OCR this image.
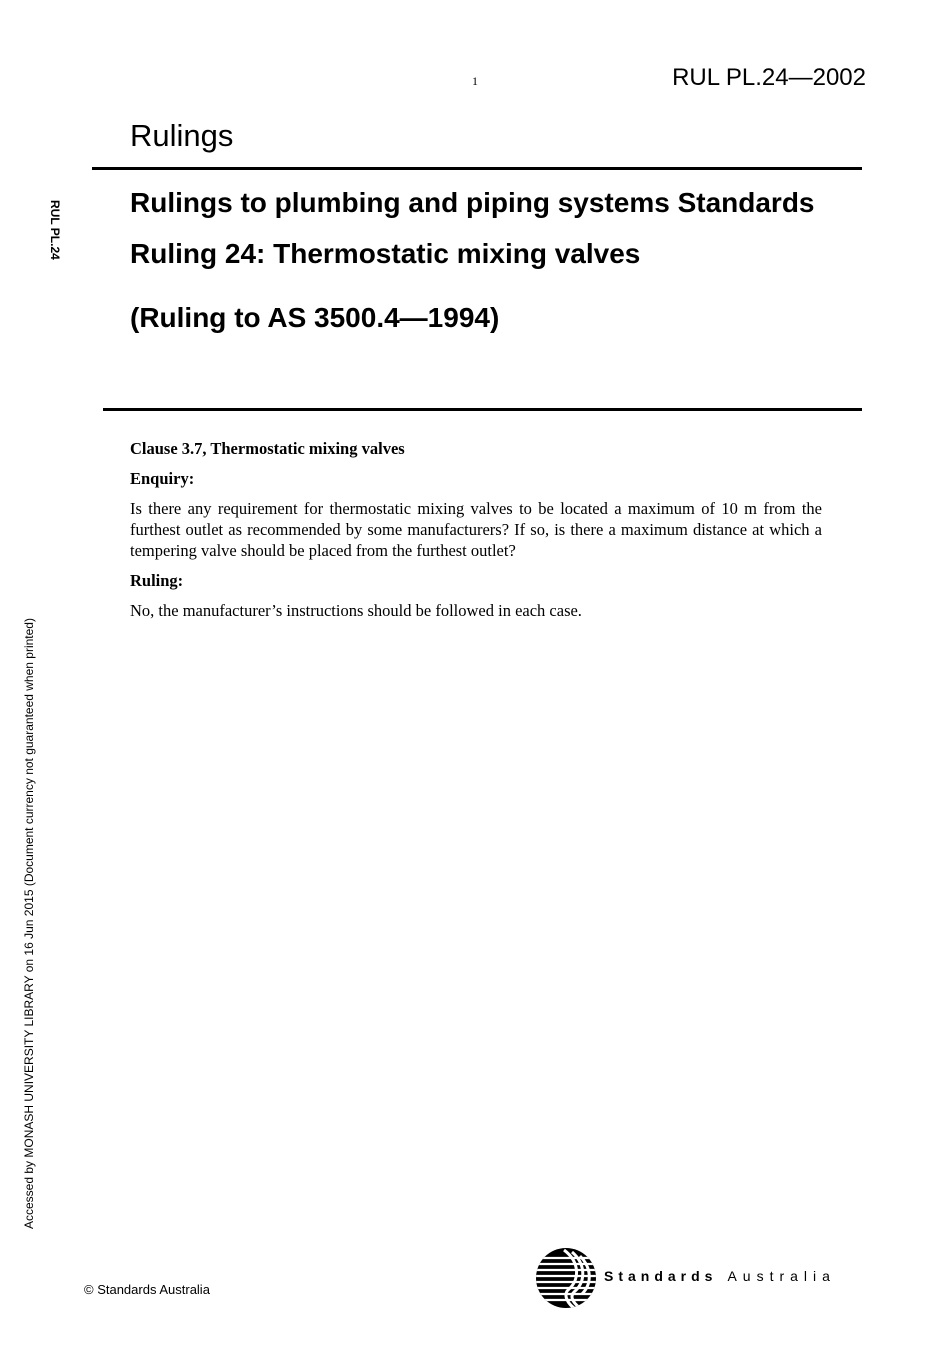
1	RUL PL.24—2002
Rulings
RUL PL.24
Accessed by MONASH UNIVERSITY LIBRARY on 16 Jun 2015 (Document currency not guaranteed when printed)
Rulings to plumbing and piping systems Standards
Ruling 24: Thermostatic mixing valves
(Ruling to AS 3500.4—1994)

Clause 3.7, Thermostatic mixing valves

Enquiry:

Is there any requirement for thermostatic mixing valves to be located a maximum of 10 m from the furthest outlet as recommended by some manufacturers? If so, is there a maximum distance at which a tempering valve should be placed from the furthest outlet?

Ruling:

No, the manufacturer’s instructions should be followed in each case.

© Standards Australia
Standards Australia
